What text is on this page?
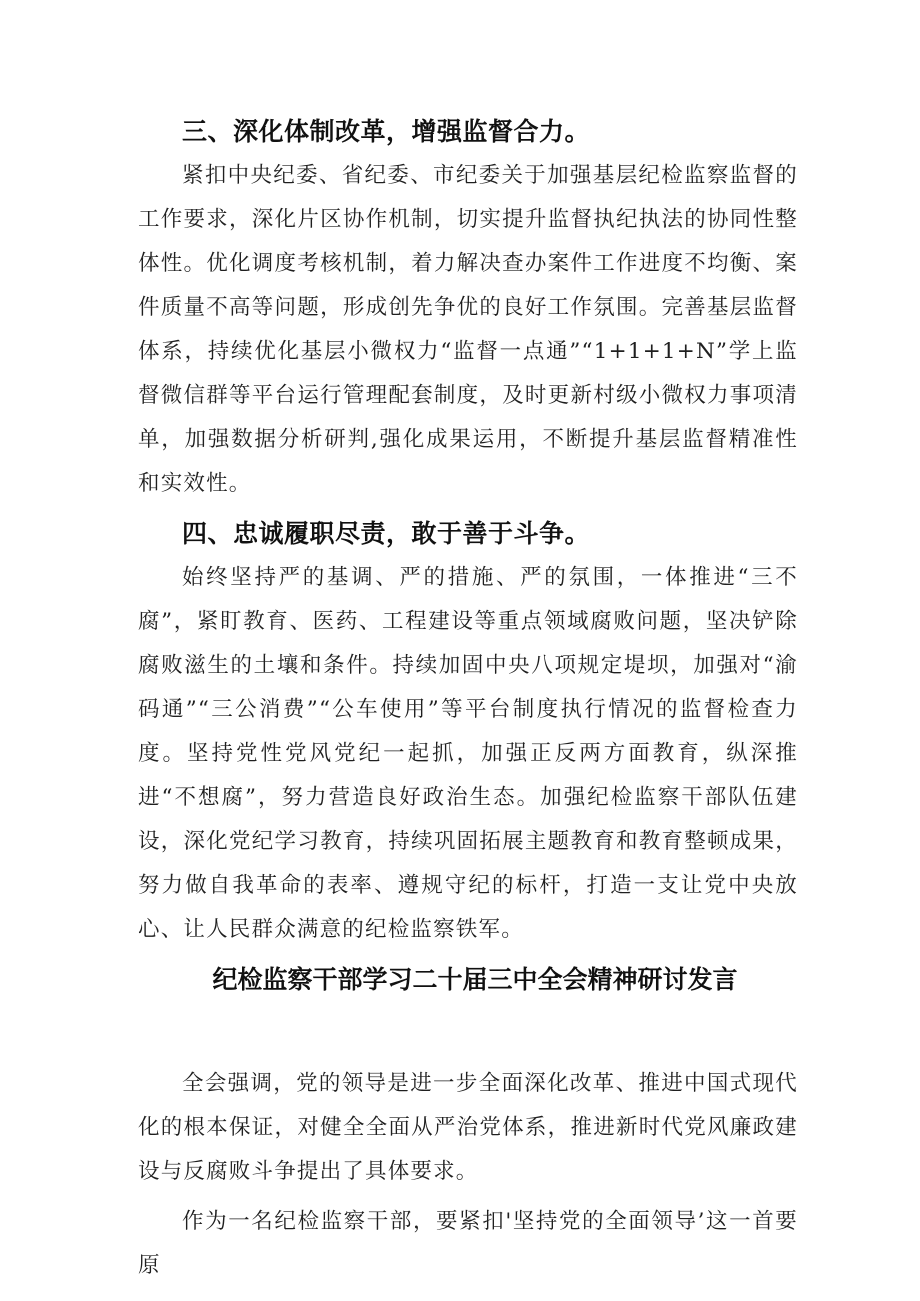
三、深化体制改革，增强监督合力。

紧扣中央纪委、省纪委、市纪委关于加强基层纪检监察监督的工作要求，深化片区协作机制，切实提升监督执纪执法的协同性整体性。优化调度考核机制，着力解决查办案件工作进度不均衡、案件质量不高等问题，形成创先争优的良好工作氛围。完善基层监督体系，持续优化基层小微权力“监督一点通”“1+1+1+N”学上监督微信群等平台运行管理配套制度，及时更新村级小微权力事项清单，加强数据分析研判,强化成果运用，不断提升基层监督精准性和实效性。

四、忠诚履职尽责，敢于善于斗争。

始终坚持严的基调、严的措施、严的氛围，一体推进“三不腐”，紧盯教育、医药、工程建设等重点领域腐败问题，坚决铲除腐败滋生的土壤和条件。持续加固中央八项规定堤坝，加强对“渝码通”“三公消费”“公车使用”等平台制度执行情况的监督检查力度。坚持党性党风党纪一起抓，加强正反两方面教育，纵深推进“不想腐”，努力营造良好政治生态。加强纪检监察干部队伍建设，深化党纪学习教育，持续巩固拓展主题教育和教育整顿成果，努力做自我革命的表率、遵规守纪的标杆，打造一支让党中央放心、让人民群众满意的纪检监察铁军。

纪检监察干部学习二十届三中全会精神研讨发言

全会强调，党的领导是进一步全面深化改革、推进中国式现代化的根本保证，对健全全面从严治党体系，推进新时代党风廉政建设与反腐败斗争提出了具体要求。

作为一名纪检监察干部，要紧扣'坚持党的全面领导’这一首要原
